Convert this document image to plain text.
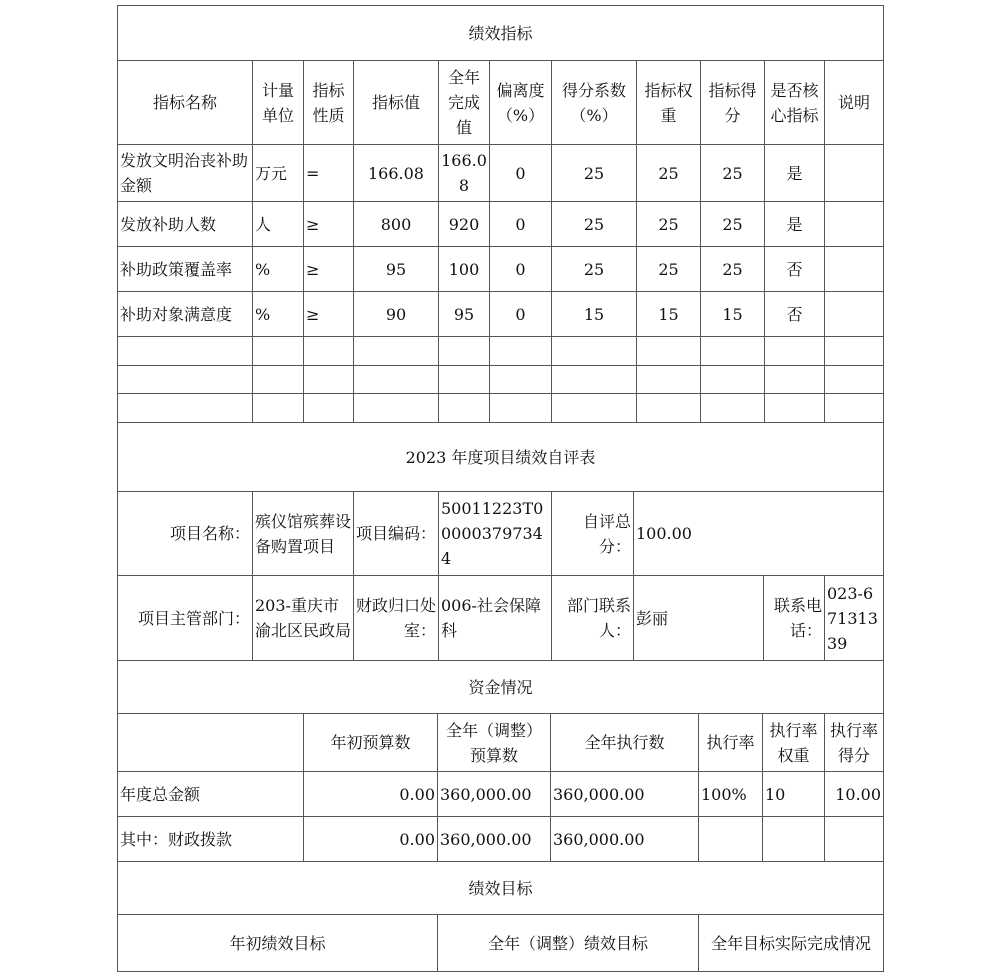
绩效指标										
指标名称	计量单位	指标性质	指标值	全年完成值	偏离度（%）	得分系数（%）	指标权重	指标得分	是否核心指标	说明
发放文明治丧补助金额	万元	=	166.08	166.08	0	25	25	25	是	
发放补助人数	人	≥	800	920	0	25	25	25	是	
补助政策覆盖率	%	≥	95	100	0	25	25	25	否	
补助对象满意度	%	≥	90	95	0	15	15	15	否	

2023 年度项目绩效自评表							
项目名称：	殡仪馆殡葬设备购置项目	项目编码：	50011223T000003797344	自评总分：	100.00		
项目主管部门：	203-重庆市渝北区民政局	财政归口处室：	006-社会保障科	部门联系人：	彭丽	联系电话：	023-67131339
资金情况						
	年初预算数	全年（调整）预算数	全年执行数	执行率	执行率权重	执行率得分
年度总金额	0.00	360,000.00	360,000.00	100%	10	10.00
其中：财政拨款	0.00	360,000.00	360,000.00			
绩效目标						
年初绩效目标		全年（调整）绩效目标		全年目标实际完成情况		
